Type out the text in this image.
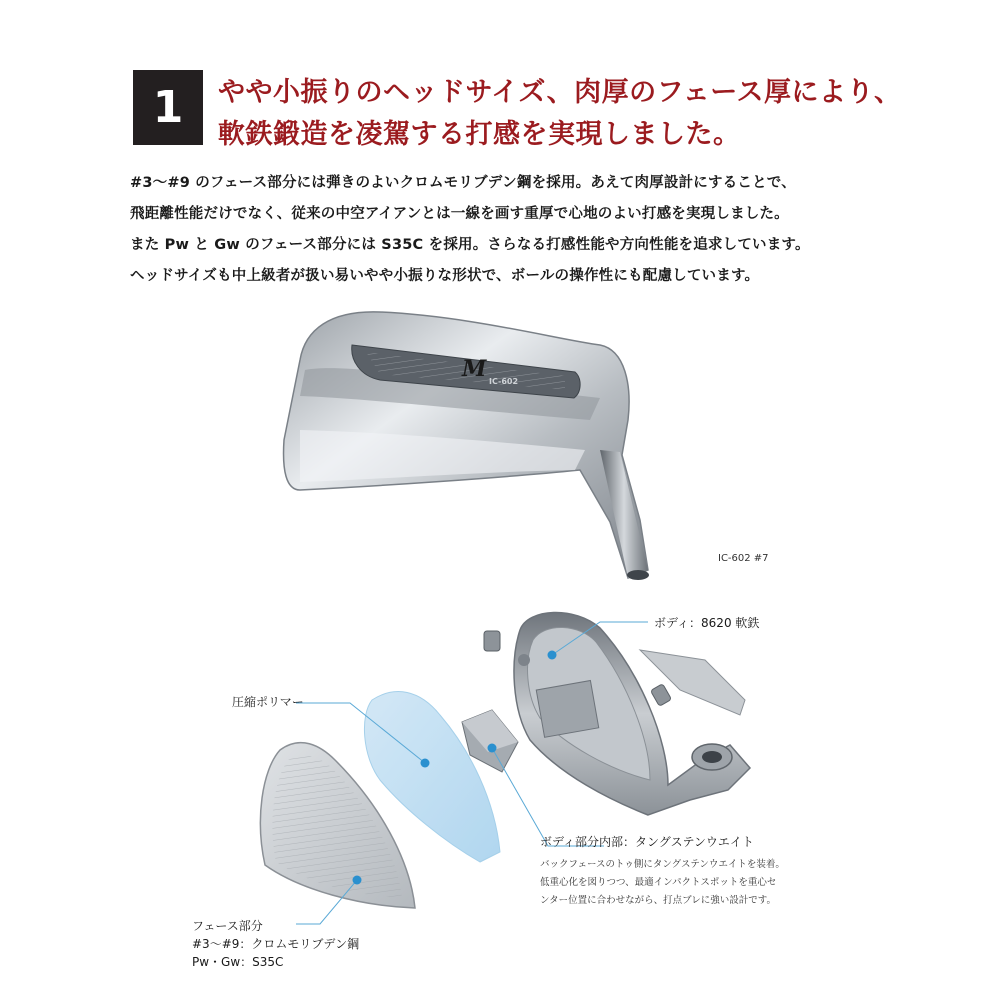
1	やや小振りのヘッドサイズ、肉厚のフェース厚により、
軟鉄鍛造を凌駕する打感を実現しました。
#3〜#9 のフェース部分には弾きのよいクロムモリブデン鋼を採用。あえて肉厚設計にすることで、
飛距離性能だけでなく、従来の中空アイアンとは一線を画す重厚で心地のよい打感を実現しました。
また Pw と Gw のフェース部分には S35C を採用。さらなる打感性能や方向性能を追求しています。
ヘッドサイズも中上級者が扱い易いやや小振りな形状で、ボールの操作性にも配慮しています。
M IC-602
IC-602 #7
ボディ：8620 軟鉄
圧縮ポリマー
ボディ部分内部：タングステンウエイト
バックフェースのトゥ側にタングステンウエイトを装着。
低重心化を図りつつ、最適インパクトスポットを重心セ
ンター位置に合わせながら、打点ブレに強い設計です。
フェース部分
#3〜#9：クロムモリブデン鋼
Pw・Gw：S35C
